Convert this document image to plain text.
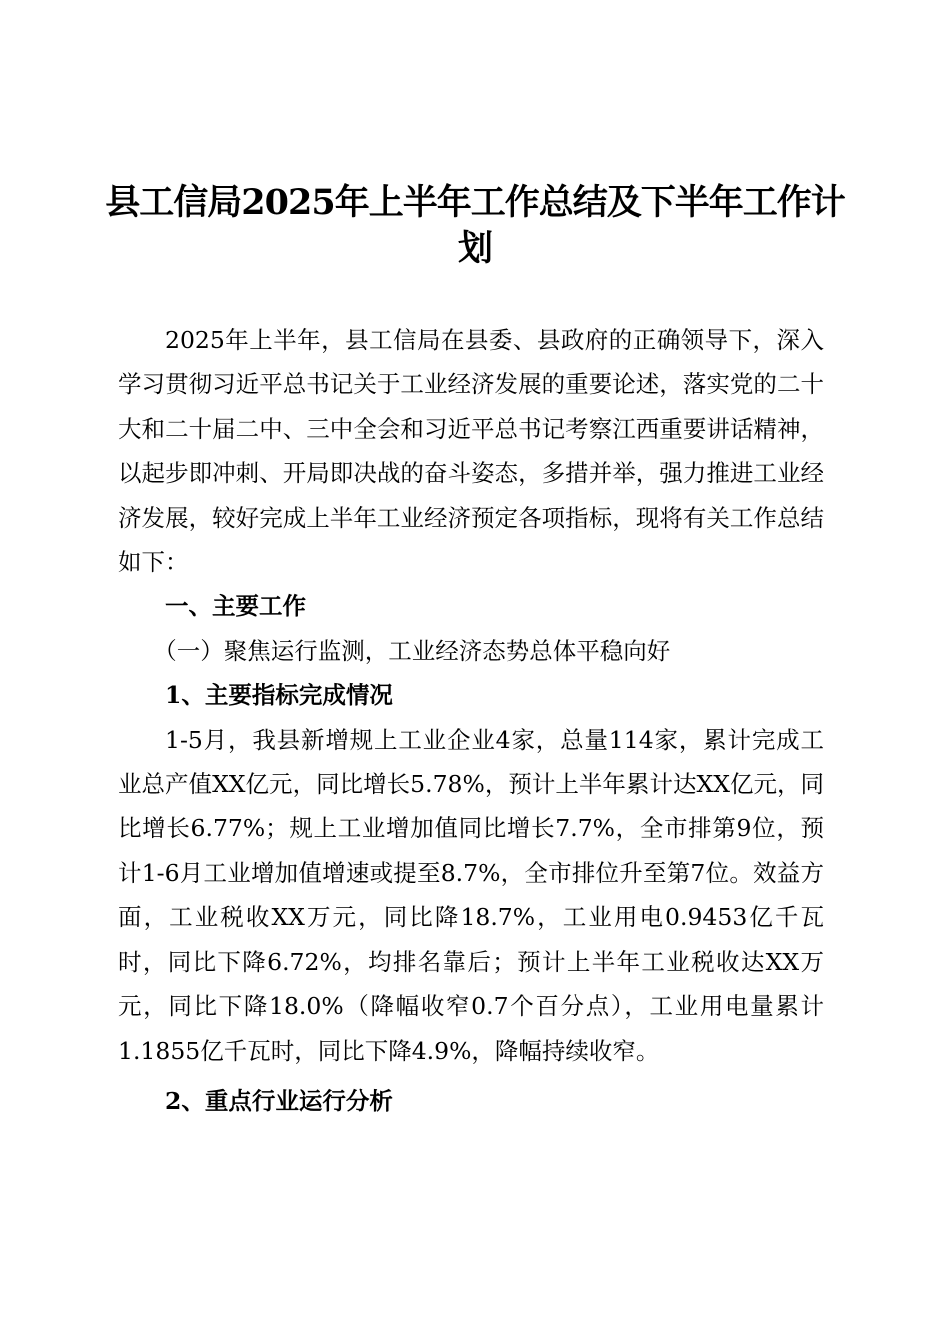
县工信局2025年上半年工作总结及下半年工作计划

2025年上半年，县工信局在县委、县政府的正确领导下，深入学习贯彻习近平总书记关于工业经济发展的重要论述，落实党的二十大和二十届二中、三中全会和习近平总书记考察江西重要讲话精神，以起步即冲刺、开局即决战的奋斗姿态，多措并举，强力推进工业经济发展，较好完成上半年工业经济预定各项指标，现将有关工作总结如下：

一、主要工作

（一）聚焦运行监测，工业经济态势总体平稳向好

1、主要指标完成情况

1-5月，我县新增规上工业企业4家，总量114家，累计完成工业总产值XX亿元，同比增长5.78%，预计上半年累计达XX亿元，同比增长6.77%；规上工业增加值同比增长7.7%，全市排第9位，预计1-6月工业增加值增速或提至8.7%，全市排位升至第7位。效益方面，工业税收XX万元，同比降18.7%，工业用电0.9453亿千瓦时，同比下降6.72%，均排名靠后；预计上半年工业税收达XX万元，同比下降18.0%（降幅收窄0.7个百分点），工业用电量累计1.1855亿千瓦时，同比下降4.9%，降幅持续收窄。

2、重点行业运行分析
